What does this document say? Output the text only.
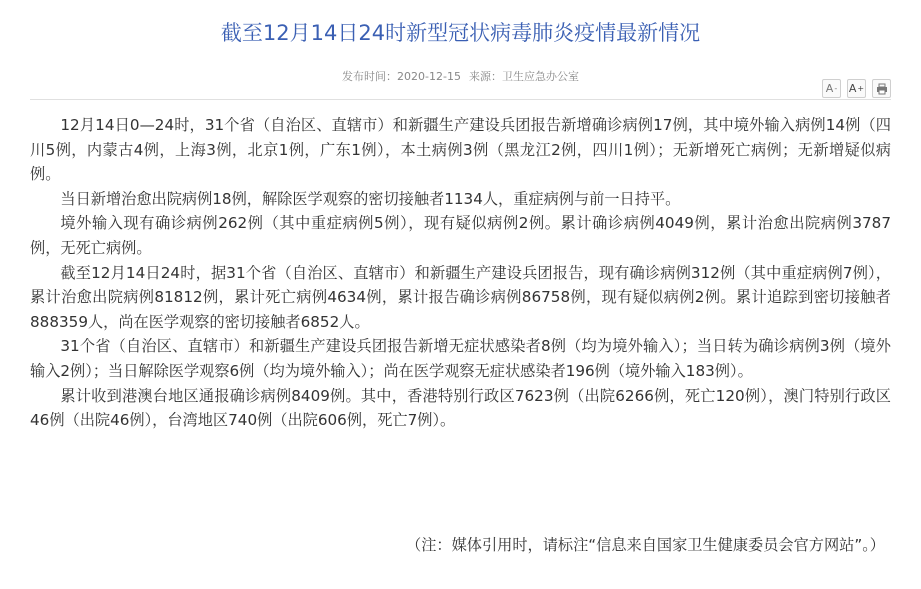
截至12月14日24时新型冠状病毒肺炎疫情最新情况
发布时间：2020-12-15 来源：卫生应急办公室
A - A +

12月14日0—24时，31个省（自治区、直辖市）和新疆生产建设兵团报告新增确诊病例17例，其中境外输入病例14例（四川5例，内蒙古4例，上海3例，北京1例，广东1例），本土病例3例（黑龙江2例，四川1例）；无新增死亡病例；无新增疑似病例。

当日新增治愈出院病例18例，解除医学观察的密切接触者1134人，重症病例与前一日持平。

境外输入现有确诊病例262例（其中重症病例5例），现有疑似病例2例。累计确诊病例4049例，累计治愈出院病例3787例，无死亡病例。

截至12月14日24时，据31个省（自治区、直辖市）和新疆生产建设兵团报告，现有确诊病例312例（其中重症病例7例），累计治愈出院病例81812例，累计死亡病例4634例，累计报告确诊病例86758例，现有疑似病例2例。累计追踪到密切接触者888359人，尚在医学观察的密切接触者6852人。

31个省（自治区、直辖市）和新疆生产建设兵团报告新增无症状感染者8例（均为境外输入）；当日转为确诊病例3例（境外输入2例）；当日解除医学观察6例（均为境外输入）；尚在医学观察无症状感染者196例（境外输入183例）。

累计收到港澳台地区通报确诊病例8409例。其中，香港特别行政区7623例（出院6266例，死亡120例），澳门特别行政区46例（出院46例），台湾地区740例（出院606例，死亡7例）。

（注：媒体引用时，请标注“信息来自国家卫生健康委员会官方网站”。）
